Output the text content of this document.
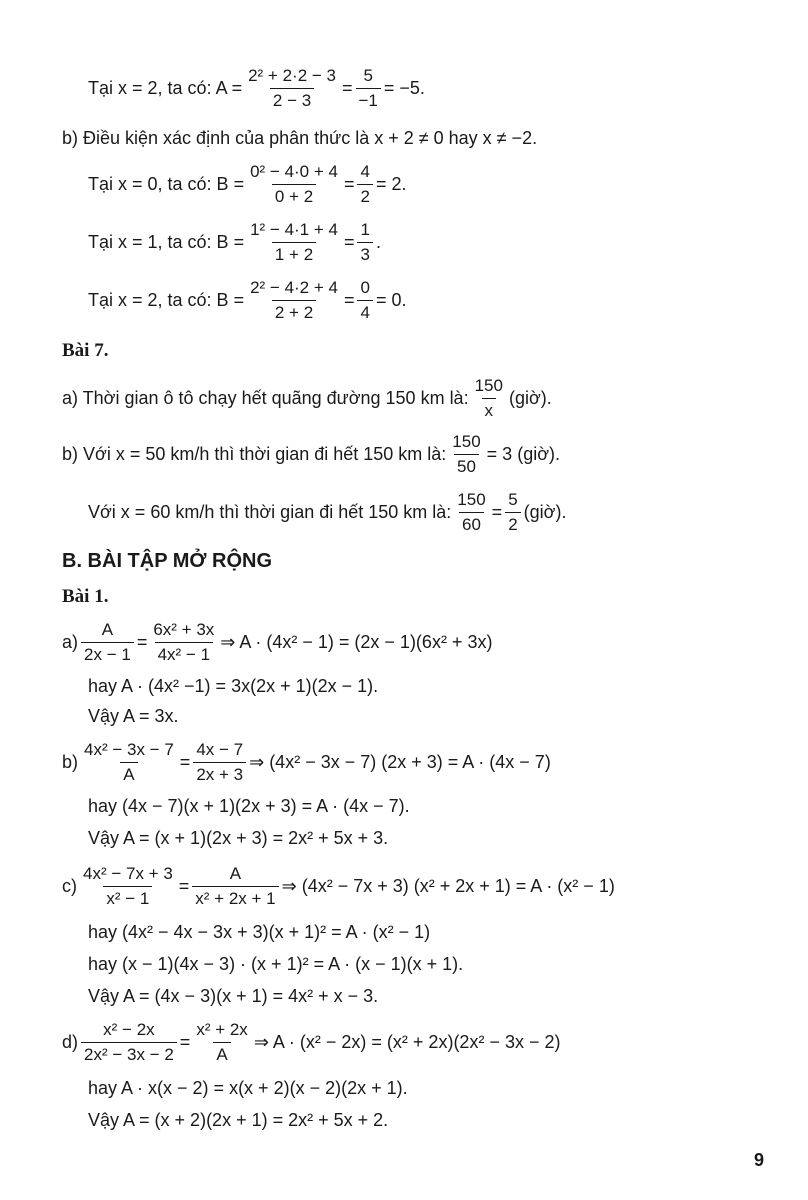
Tại x = 2, ta có: $A = \frac{\text{2² + 2·2 − 3}}{2 - 3} = \frac{5}{-1} = -5$.
b) Điều kiện xác định của phân thức là x + 2 ≠ 0 hay x ≠ −2.
Tại x = 0, ta có: $B = \frac{\text{0² − 4·0 + 4}}{0 + 2} = \frac{4}{2} = 2$.
Tại x = 1, ta có: $B = \frac{\text{1² − 4·1 + 4}}{1 + 2} = \frac{1}{3}$ .
Tại x = 2, ta có: $B = \frac{\text{2² − 4·2 + 4}}{2 + 2} = \frac{0}{4} = 0$.
Bài 7.
a) Thời gian ô tô chạy hết quãng đường 150 km là: $\frac{150}{x}$ (giờ).
b) Với x = 50 km/h thì thời gian đi hết 150 km là: $\frac{150}{50} = 3$ (giờ).
Với x = 60 km/h thì thời gian đi hết 150 km là: $\frac{150}{60} = \frac{5}{2}$ (giờ).
B. BÀI TẬP MỞ RỘNG
Bài 1.
$a) \frac{A}{2x - 1} = \frac{\text{6x² + 3x}}{\text{4x² − 1}}$ ⇒ A · (4x² − 1) = (2x − 1)(6x² + 3x)
hay A · (4x² −1) = 3x(2x + 1)(2x − 1).
Vậy A = 3x.
$b) \frac{\text{4x² − 3x − 7}}{A} = \frac{4x - 7}{2x + 3}$ ⇒ (4x² − 3x − 7) (2x + 3) = A · (4x − 7)
hay (4x − 7)(x + 1)(2x + 3) = A · (4x − 7).
Vậy A = (x + 1)(2x + 3) = 2x² + 5x + 3.
$c) \frac{\text{4x² − 7x + 3}}{\text{x² − 1}} = \frac{A}{\text{x² + 2x + 1}}$ ⇒ (4x² − 7x + 3) (x² + 2x + 1) = A · (x² − 1)
hay (4x² − 4x − 3x + 3)(x + 1)² = A · (x² − 1)
hay (x − 1)(4x − 3) · (x + 1)² = A · (x − 1)(x + 1).
Vậy A = (4x − 3)(x + 1) = 4x² + x − 3.
$d) \frac{\text{x² − 2x}}{\text{2x² − 3x − 2}} = \frac{\text{x² + 2x}}{A}$ ⇒ A · (x² − 2x) = (x² + 2x)(2x² − 3x − 2)
hay A · x(x − 2) = x(x + 2)(x − 2)(2x + 1).
Vậy A = (x + 2)(2x + 1) = 2x² + 5x + 2.
9
